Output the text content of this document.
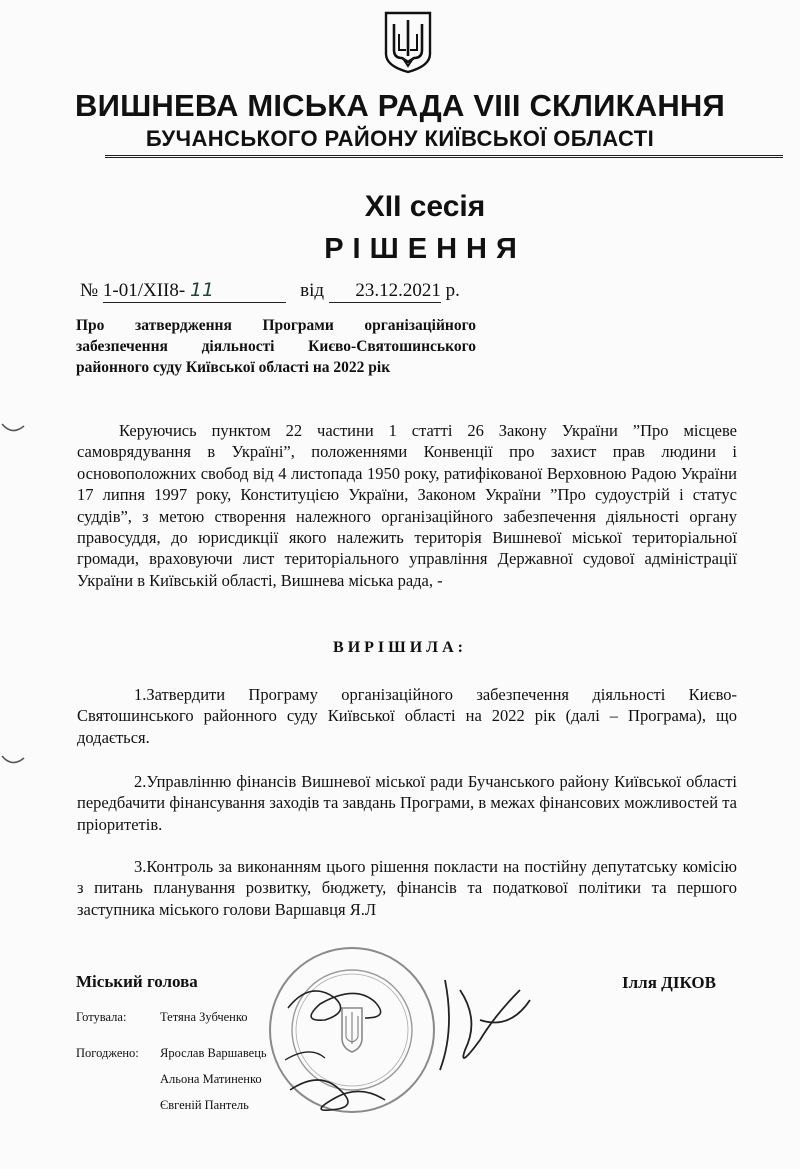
ВИШНЕВА МІСЬКА РАДА VIII СКЛИКАННЯ
БУЧАНСЬКОГО РАЙОНУ КИЇВСЬКОЇ ОБЛАСТІ
XII сесія
РІШЕННЯ
№ 1-01/XII8- 11	від 23.12.2021 р.
Про затвердження Програми організаційного забезпечення діяльності Києво-Святошинського районного суду Київської області на 2022 рік
Керуючись пунктом 22 частини 1 статті 26 Закону України ”Про місцеве самоврядування в Україні”, положеннями Конвенції про захист прав людини і основоположних свобод від 4 листопада 1950 року, ратифікованої Верховною Радою України 17 липня 1997 року, Конституцією України, Законом України ”Про судоустрій і статус суддів”, з метою створення належного організаційного забезпечення діяльності органу правосуддя, до юрисдикції якого належить територія Вишневої міської територіальної громади, враховуючи лист територіального управління Державної судової адміністрації України в Київській області, Вишнева міська рада, -
ВИРІШИЛА:
1.Затвердити Програму організаційного забезпечення діяльності Києво-Святошинського районного суду Київської області на 2022 рік (далі – Програма), що додається.
2.Управлінню фінансів Вишневої міської ради Бучанського району Київської області передбачити фінансування заходів та завдань Програми, в межах фінансових можливостей та пріоритетів.
3.Контроль за виконанням цього рішення покласти на постійну депутатську комісію з питань планування розвитку, бюджету, фінансів та податкової політики та першого заступника міського голови Варшавця Я.Л
Міський голова	Ілля ДІКОВ
Готувала:	Тетяна Зубченко
Погоджено: Ярослав Варшавець
Альона Матиненко
Євгеній Пантель
